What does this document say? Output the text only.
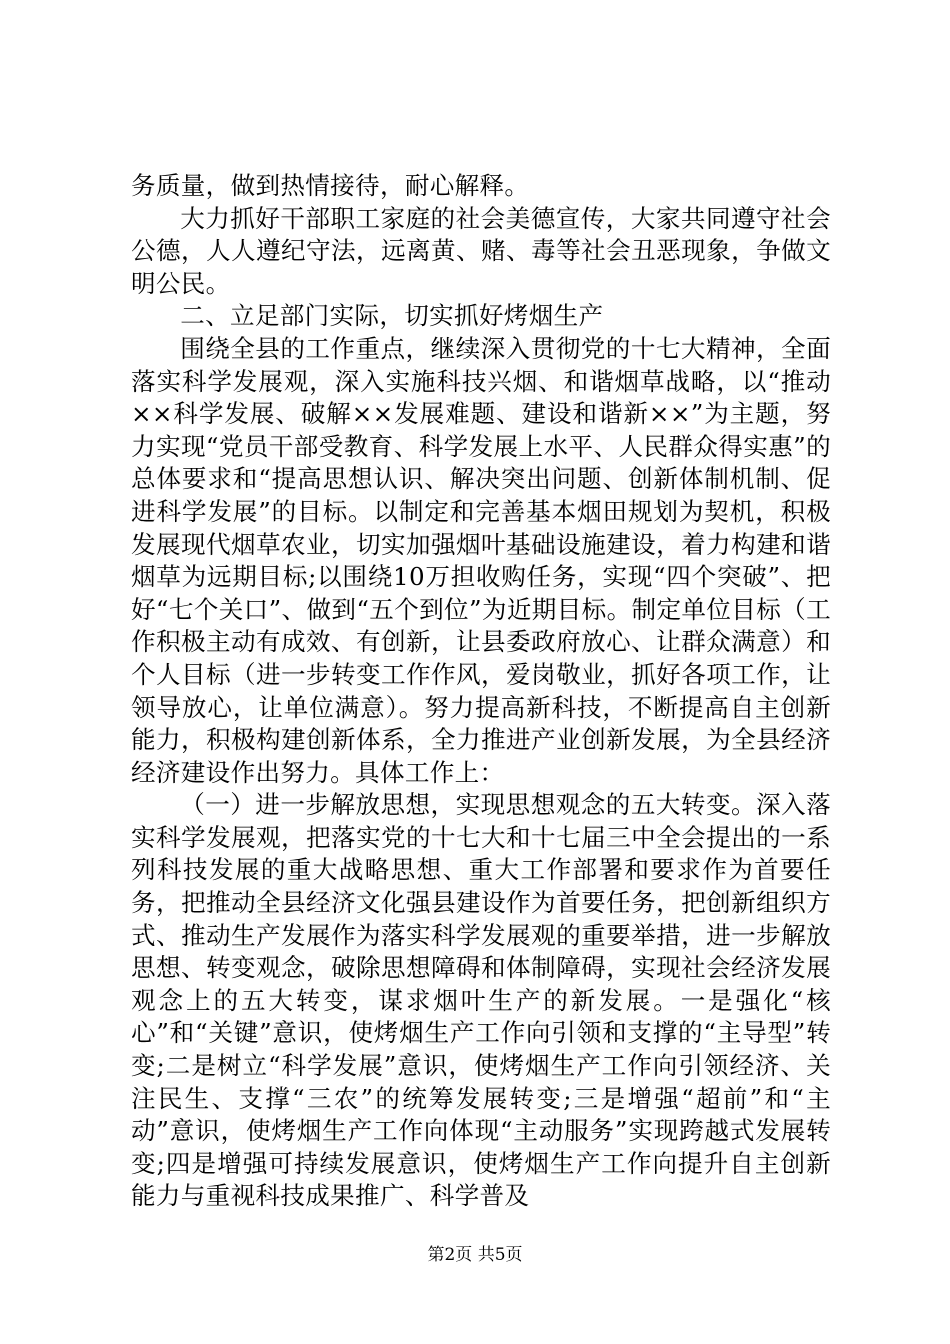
务质量，做到热情接待，耐心解释。

大力抓好干部职工家庭的社会美德宣传，大家共同遵守社会公德，人人遵纪守法，远离黄、赌、毒等社会丑恶现象，争做文明公民。

二、立足部门实际，切实抓好烤烟生产

围绕全县的工作重点，继续深入贯彻党的十七大精神，全面落实科学发展观，深入实施科技兴烟、和谐烟草战略，以“推动××科学发展、破解××发展难题、建设和谐新××”为主题，努力实现“党员干部受教育、科学发展上水平、人民群众得实惠”的总体要求和“提高思想认识、解决突出问题、创新体制机制、促进科学发展”的目标。以制定和完善基本烟田规划为契机，积极发展现代烟草农业，切实加强烟叶基础设施建设，着力构建和谐烟草为远期目标;以围绕10万担收购任务，实现“四个突破”、把好“七个关口”、做到“五个到位”为近期目标。制定单位目标（工作积极主动有成效、有创新，让县委政府放心、让群众满意）和个人目标（进一步转变工作作风，爱岗敬业，抓好各项工作，让领导放心，让单位满意）。努力提高新科技，不断提高自主创新能力，积极构建创新体系，全力推进产业创新发展，为全县经济经济建设作出努力。具体工作上：

（一）进一步解放思想，实现思想观念的五大转变。深入落实科学发展观，把落实党的十七大和十七届三中全会提出的一系列科技发展的重大战略思想、重大工作部署和要求作为首要任务，把推动全县经济文化强县建设作为首要任务，把创新组织方式、推动生产发展作为落实科学发展观的重要举措，进一步解放思想、转变观念，破除思想障碍和体制障碍，实现社会经济发展观念上的五大转变，谋求烟叶生产的新发展。一是强化“核心”和“关键”意识，使烤烟生产工作向引领和支撑的“主导型”转变;二是树立“科学发展”意识，使烤烟生产工作向引领经济、关注民生、支撑“三农”的统筹发展转变;三是增强“超前”和“主动”意识，使烤烟生产工作向体现“主动服务”实现跨越式发展转变;四是增强可持续发展意识，使烤烟生产工作向提升自主创新能力与重视科技成果推广、科学普及

第2页 共5页
